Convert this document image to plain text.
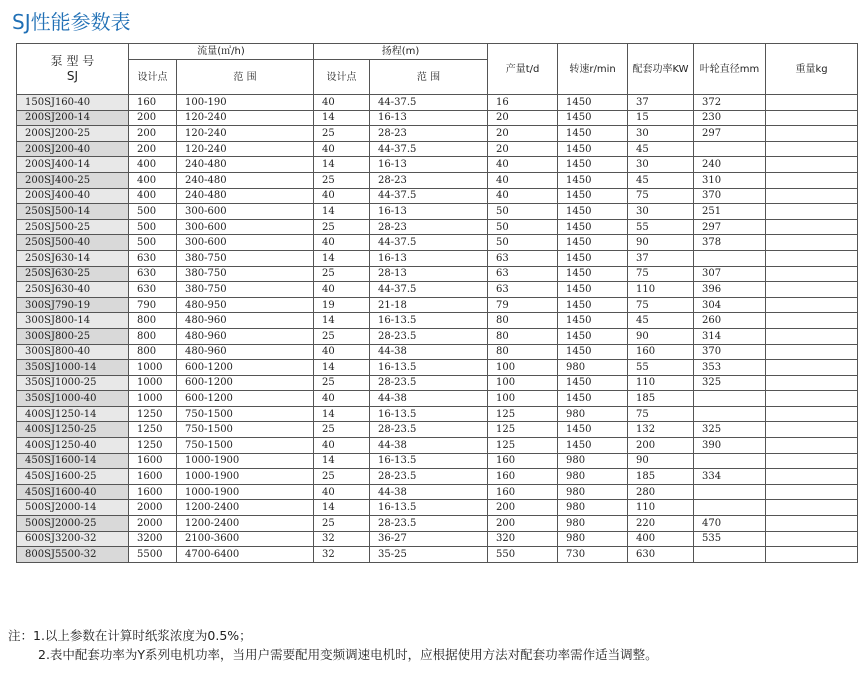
SJ性能参数表
泵 型 号
SJ	流量(㎥/h)		扬程(m)		产量t/d	转速r/min	配套功率KW	叶轮直径mm	重量kg
	设计点	范 围	设计点	范 围					
150SJ160-40	160	100-190	40	44-37.5	16	1450	37	372	
200SJ200-14	200	120-240	14	16-13	20	1450	15	230	
200SJ200-25	200	120-240	25	28-23	20	1450	30	297	
200SJ200-40	200	120-240	40	44-37.5	20	1450	45		
200SJ400-14	400	240-480	14	16-13	40	1450	30	240	
200SJ400-25	400	240-480	25	28-23	40	1450	45	310	
200SJ400-40	400	240-480	40	44-37.5	40	1450	75	370	
250SJ500-14	500	300-600	14	16-13	50	1450	30	251	
250SJ500-25	500	300-600	25	28-23	50	1450	55	297	
250SJ500-40	500	300-600	40	44-37.5	50	1450	90	378	
250SJ630-14	630	380-750	14	16-13	63	1450	37		
250SJ630-25	630	380-750	25	28-13	63	1450	75	307	
250SJ630-40	630	380-750	40	44-37.5	63	1450	110	396	
300SJ790-19	790	480-950	19	21-18	79	1450	75	304	
300SJ800-14	800	480-960	14	16-13.5	80	1450	45	260	
300SJ800-25	800	480-960	25	28-23.5	80	1450	90	314	
300SJ800-40	800	480-960	40	44-38	80	1450	160	370	
350SJ1000-14	1000	600-1200	14	16-13.5	100	980	55	353	
350SJ1000-25	1000	600-1200	25	28-23.5	100	1450	110	325	
350SJ1000-40	1000	600-1200	40	44-38	100	1450	185		
400SJ1250-14	1250	750-1500	14	16-13.5	125	980	75		
400SJ1250-25	1250	750-1500	25	28-23.5	125	1450	132	325	
400SJ1250-40	1250	750-1500	40	44-38	125	1450	200	390	
450SJ1600-14	1600	1000-1900	14	16-13.5	160	980	90		
450SJ1600-25	1600	1000-1900	25	28-23.5	160	980	185	334	
450SJ1600-40	1600	1000-1900	40	44-38	160	980	280		
500SJ2000-14	2000	1200-2400	14	16-13.5	200	980	110		
500SJ2000-25	2000	1200-2400	25	28-23.5	200	980	220	470	
600SJ3200-32	3200	2100-3600	32	36-27	320	980	400	535	
800SJ5500-32	5500	4700-6400	32	35-25	550	730	630		
注：1.以上参数在计算时纸浆浓度为0.5%；
2.表中配套功率为Y系列电机功率，当用户需要配用变频调速电机时，应根据使用方法对配套功率需作适当调整。
